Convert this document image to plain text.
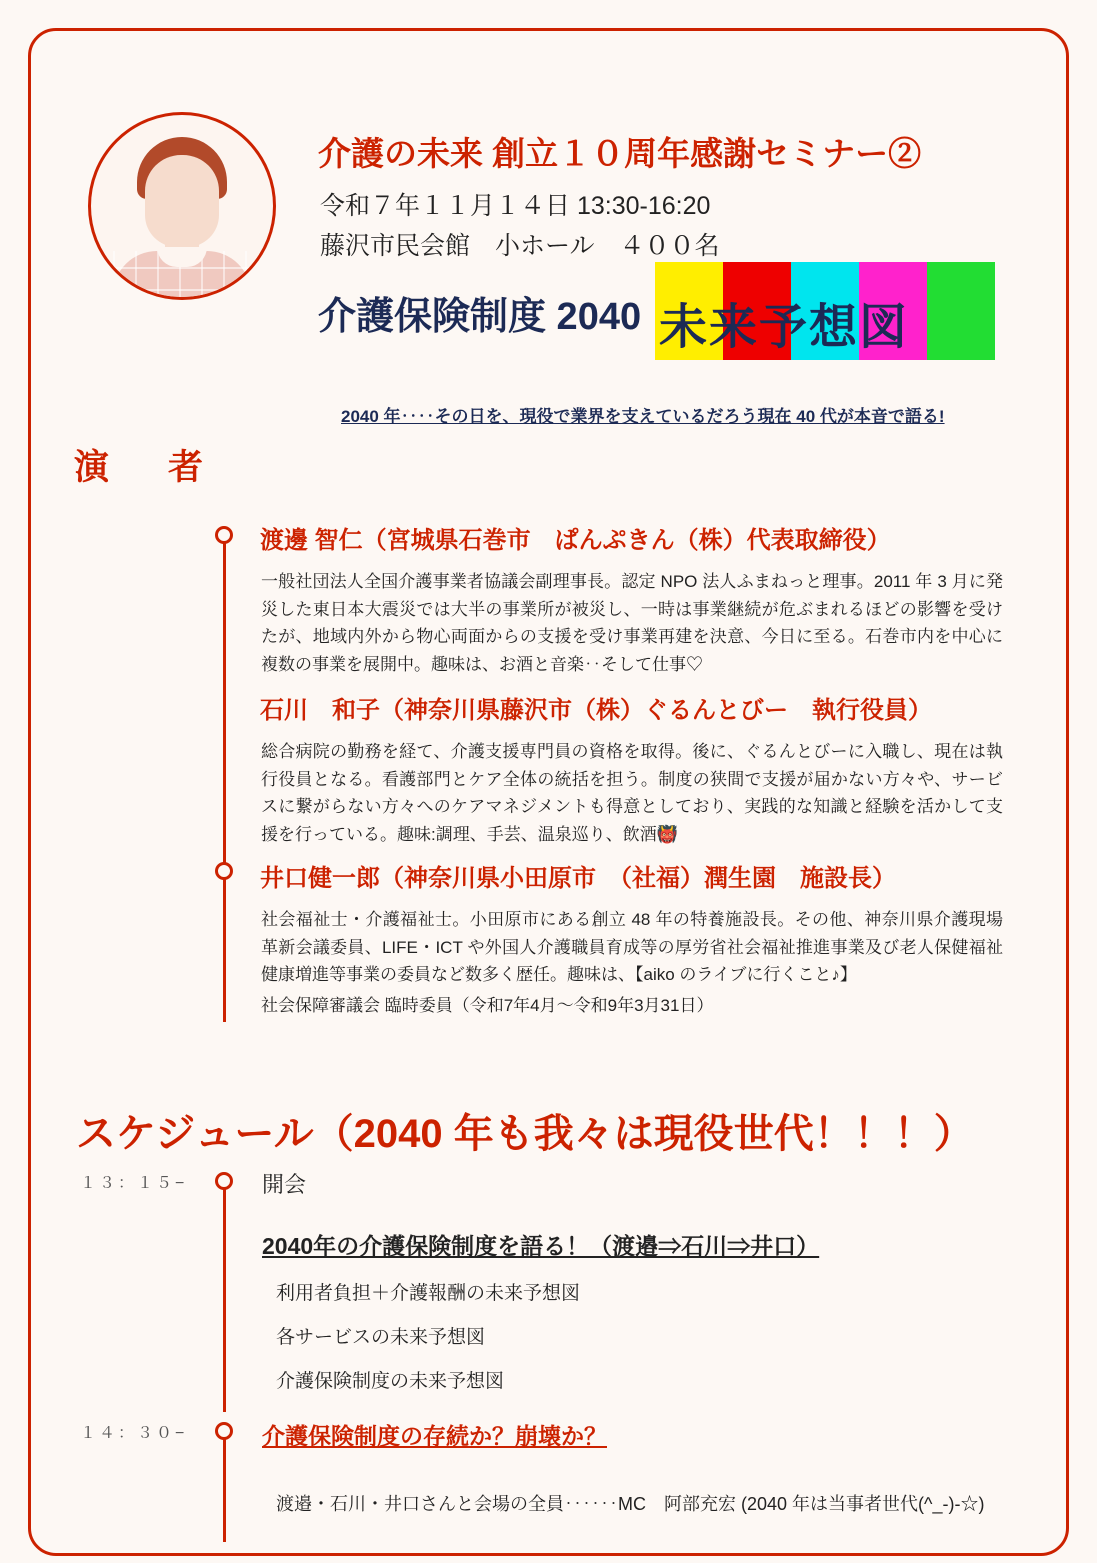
介護の未来 創立１０周年感謝セミナー②
令和７年１１月１４日 13:30-16:20
藤沢市民会館　小ホール　４００名
介護保険制度 2040 未来予想図
2040 年‥‥その日を、現役で業界を支えているだろう現在 40 代が本音で語る!
演　者
渡邊 智仁（宮城県石巻市　ぱんぷきん（株）代表取締役）
一般社団法人全国介護事業者協議会副理事長。認定 NPO 法人ふまねっと理事。2011 年 3 月に発災した東日本大震災では大半の事業所が被災し、一時は事業継続が危ぶまれるほどの影響を受けたが、地域内外から物心両面からの支援を受け事業再建を決意、今日に至る。石巻市内を中心に複数の事業を展開中。趣味は、お酒と音楽‥そして仕事♡
石川　和子（神奈川県藤沢市（株）ぐるんとびー　執行役員）
総合病院の勤務を経て、介護支援専門員の資格を取得。後に、ぐるんとびーに入職し、現在は執行役員となる。看護部門とケア全体の統括を担う。制度の狭間で支援が届かない方々や、サービスに繋がらない方々へのケアマネジメントも得意としており、実践的な知識と経験を活かして支援を行っている。趣味:調理、手芸、温泉巡り、飲酒👹
井口健一郎（神奈川県小田原市　（社福）潤生園　施設長）
社会福祉士・介護福祉士。小田原市にある創立 48 年の特養施設長。その他、神奈川県介護現場革新会議委員、LIFE・ICT や外国人介護職員育成等の厚労省社会福祉推進事業及び老人保健福祉健康増進等事業の委員など数多く歴任。趣味は、【aiko のライブに行くこと♪】
社会保障審議会 臨時委員（令和7年4月〜令和9年3月31日）
スケジュール（2040 年も我々は現役世代！！！）
１３：１５−	開会
2040年の介護保険制度を語る！（渡邉⇒石川⇒井口）
利用者負担＋介護報酬の未来予想図
各サービスの未来予想図
介護保険制度の未来予想図
１４：３０−	介護保険制度の存続か？崩壊か？
渡邉・石川・井口さんと会場の全員‥‥‥MC　阿部充宏 (2040 年は当事者世代(^_-)-☆)
